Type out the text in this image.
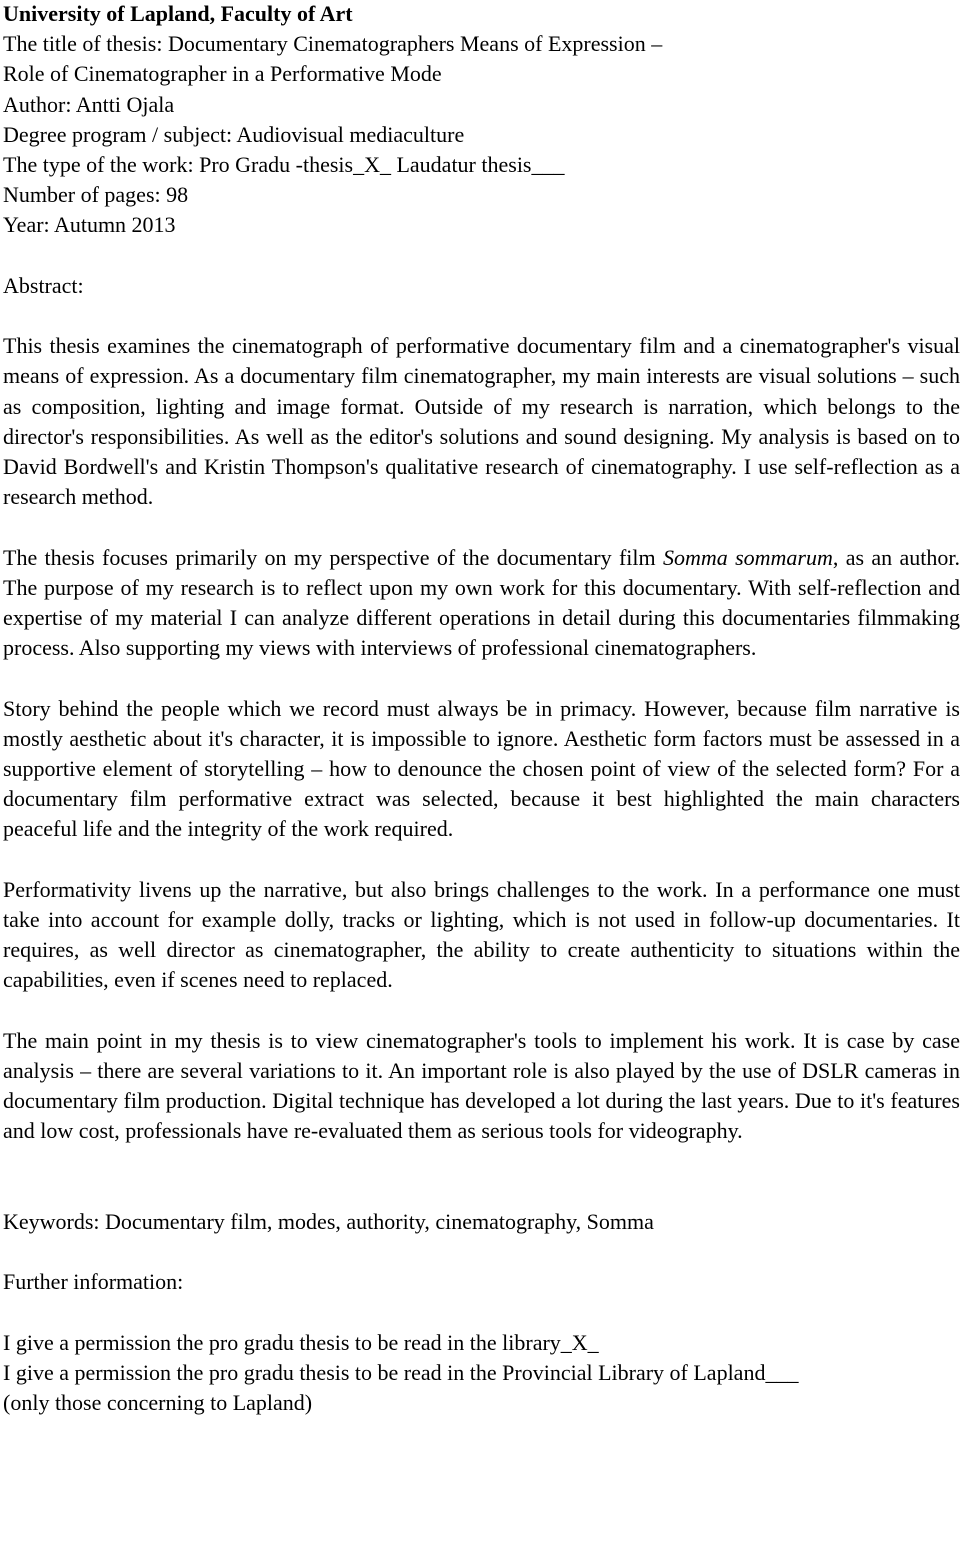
University of Lapland, Faculty of Art
The title of thesis: Documentary Cinematographers Means of Expression –
Role of Cinematographer in a Performative Mode
Author: Antti Ojala
Degree program / subject: Audiovisual mediaculture
The type of the work: Pro Gradu -thesis_X_ Laudatur thesis___
Number of pages: 98
Year: Autumn 2013
Abstract:

This thesis examines the cinematograph of performative documentary film and a cinematographer's visual means of expression. As a documentary film cinematographer, my main interests are visual solutions – such as composition, lighting and image format. Outside of my research is narration, which belongs to the director's responsibilities. As well as the editor's solutions and sound designing. My analysis is based on to David Bordwell's and Kristin Thompson's qualitative research of cinematography. I use self-reflection as a research method.

The thesis focuses primarily on my perspective of the documentary film Somma sommarum, as an author. The purpose of my research is to reflect upon my own work for this documentary. With self-reflection and expertise of my material I can analyze different operations in detail during this documentaries filmmaking process. Also supporting my views with interviews of professional cinematographers.

Story behind the people which we record must always be in primacy. However, because film narrative is mostly aesthetic about it's character, it is impossible to ignore. Aesthetic form factors must be assessed in a supportive element of storytelling – how to denounce the chosen point of view of the selected form? For a documentary film performative extract was selected, because it best highlighted the main characters peaceful life and the integrity of the work required.

Performativity livens up the narrative, but also brings challenges to the work. In a performance one must take into account for example dolly, tracks or lighting, which is not used in follow-up documentaries. It requires, as well director as cinematographer, the ability to create authenticity to situations within the capabilities, even if scenes need to replaced.

The main point in my thesis is to view cinematographer's tools to implement his work. It is case by case analysis – there are several variations to it. An important role is also played by the use of DSLR cameras in documentary film production. Digital technique has developed a lot during the last years. Due to it's features and low cost, professionals have re-evaluated them as serious tools for videography.

Keywords: Documentary film, modes, authority, cinematography, Somma
Further information:
I give a permission the pro gradu thesis to be read in the library_X_
I give a permission the pro gradu thesis to be read in the Provincial Library of Lapland___
(only those concerning to Lapland)
